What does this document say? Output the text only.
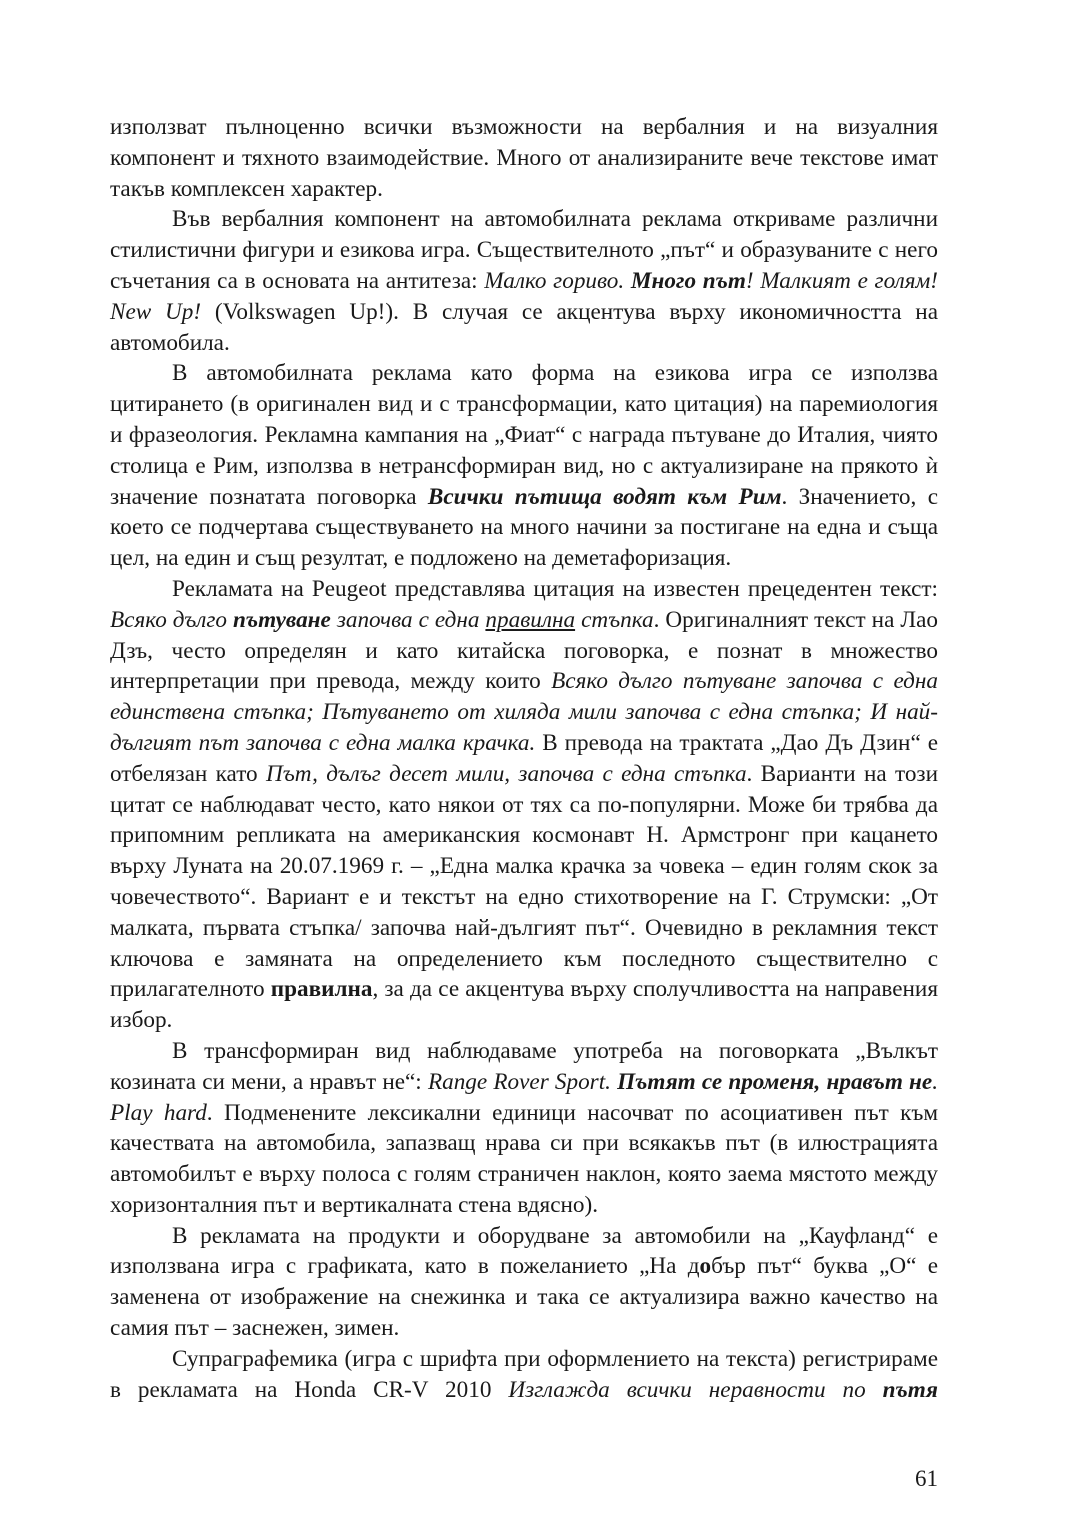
използват пълноценно всички възможности на вербалния и на визуалния компонент и тяхното взаимодействие. Много от анализираните вече текстове имат такъв комплексен характер.

Във вербалния компонент на автомобилната реклама откриваме различни стилистични фигури и езикова игра. Съществителното „път“ и образуваните с него съчетания са в основата на антитеза: Малко гориво. Много път! Малкият е голям! New Up! (Volkswagen Up!). В случая се акцентува върху икономичността на автомобила.

В автомобилната реклама като форма на езикова игра се използва цитирането (в оригинален вид и с трансформации, като цитация) на паремиология и фразеология. Рекламна кампания на „Фиат“ с награда пътуване до Италия, чиято столица е Рим, използва в нетрансформиран вид, но с актуализиране на прякото ѝ значение познатата поговорка Всички пътища водят към Рим. Значението, с което се подчертава съществуването на много начини за постигане на една и съща цел, на един и същ резултат, е подложено на деметафоризация.

Рекламата на Peugeot представлява цитация на известен прецедентен текст: Всяко дълго пътуване започва с една правилна стъпка. Оригиналният текст на Лао Дзъ, често определян и като китайска поговорка, е познат в множество интерпретации при превода, между които Всяко дълго пътуване започва с една единствена стъпка; Пътуването от хиляда мили започва с една стъпка; И най-дългият път започва с една малка крачка. В превода на трактата „Дао Дъ Дзин“ е отбелязан като Път, дълъг десет мили, започва с една стъпка. Варианти на този цитат се наблюдават често, като някои от тях са по-популярни. Може би трябва да припомним репликата на американския космонавт Н. Армстронг при кацането върху Луната на 20.07.1969 г. – „Една малка крачка за човека – един голям скок за човечеството“. Вариант е и текстът на едно стихотворение на Г. Струмски: „От малката, първата стъпка/ започва най-дългият път“. Очевидно в рекламния текст ключова е замяната на определението към последното съществително с прилагателното правилна, за да се акцентува върху сполучливостта на направения избор.

В трансформиран вид наблюдаваме употреба на поговорката „Вълкът козината си мени, а нравът не“: Range Rover Sport. Пътят се променя, нравът не. Play hard. Подменените лексикални единици насочват по асоциативен път към качествата на автомобила, запазващ нрава си при всякакъв път (в илюстрацията автомобилът е върху полоса с голям страничен наклон, която заема мястото между хоризонталния път и вертикалната стена вдясно).

В рекламата на продукти и оборудване за автомобили на „Кауфланд“ е използвана игра с графиката, като в пожеланието „На добър път“ буква „О“ е заменена от изображение на снежинка и така се актуализира важно качество на самия път – заснежен, зимен.

Супраграфемика (игра с шрифта при оформлението на текста) регистрираме в рекламата на Honda CR-V 2010 Изглажда всички неравности по пътя

61
